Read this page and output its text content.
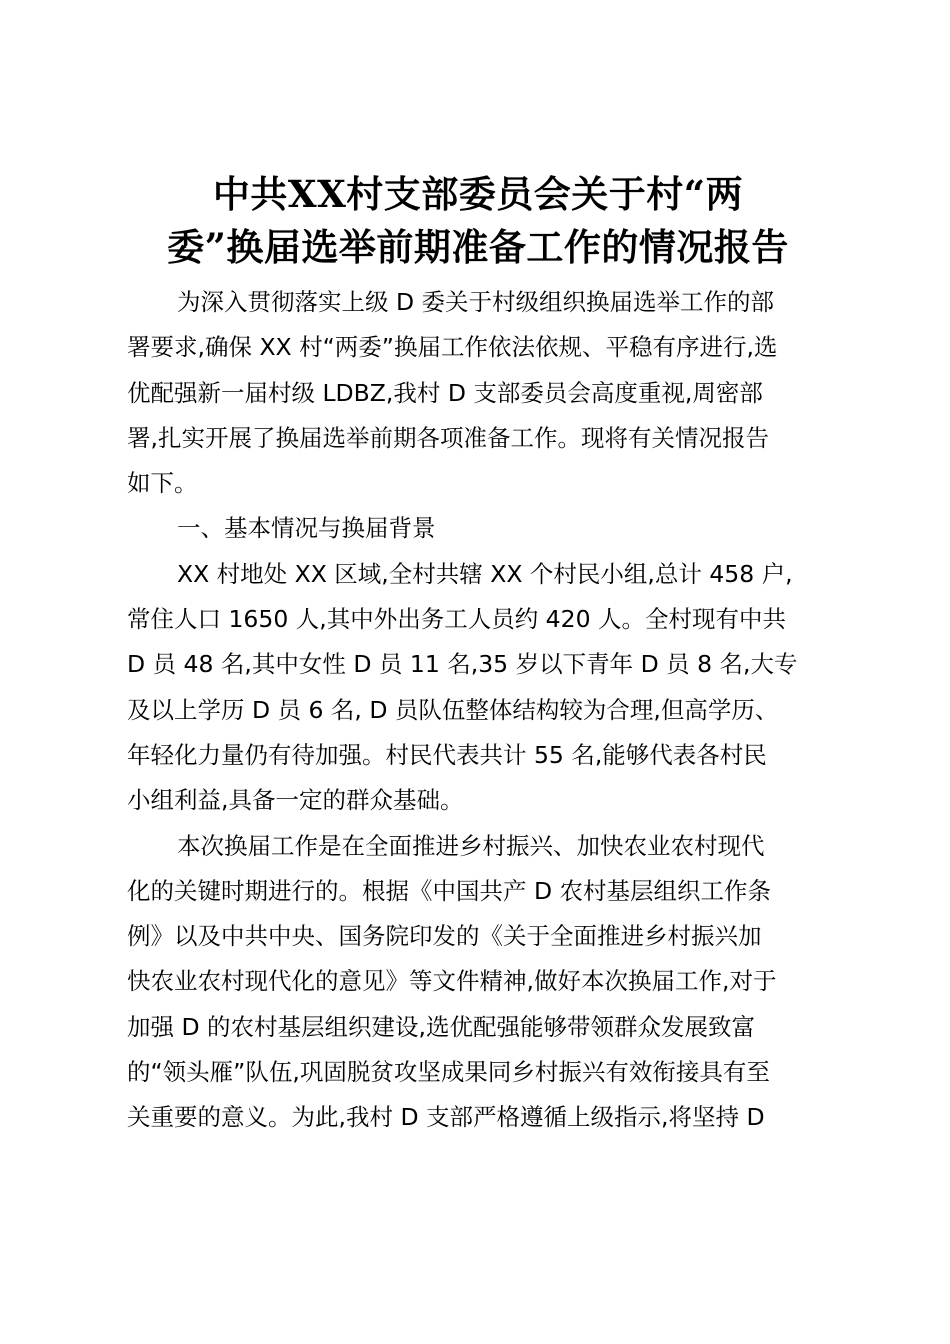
中共XX村支部委员会关于村“两
委”换届选举前期准备工作的情况报告
为深入贯彻落实上级 D 委关于村级组织换届选举工作的部
署要求,确保 XX 村“两委”换届工作依法依规、平稳有序进行,选
优配强新一届村级 LDBZ,我村 D 支部委员会高度重视,周密部
署,扎实开展了换届选举前期各项准备工作。现将有关情况报告
如下。
一、基本情况与换届背景
XX 村地处 XX 区域,全村共辖 XX 个村民小组,总计 458 户,
常住人口 1650 人,其中外出务工人员约 420 人。全村现有中共
D 员 48 名,其中女性 D 员 11 名,35 岁以下青年 D 员 8 名,大专
及以上学历 D 员 6 名, D 员队伍整体结构较为合理,但高学历、
年轻化力量仍有待加强。村民代表共计 55 名,能够代表各村民
小组利益,具备一定的群众基础。
本次换届工作是在全面推进乡村振兴、加快农业农村现代
化的关键时期进行的。根据《中国共产 D 农村基层组织工作条
例》以及中共中央、国务院印发的《关于全面推进乡村振兴加
快农业农村现代化的意见》等文件精神,做好本次换届工作,对于
加强 D 的农村基层组织建设,选优配强能够带领群众发展致富
的“领头雁”队伍,巩固脱贫攻坚成果同乡村振兴有效衔接具有至
关重要的意义。为此,我村 D 支部严格遵循上级指示,将坚持 D
